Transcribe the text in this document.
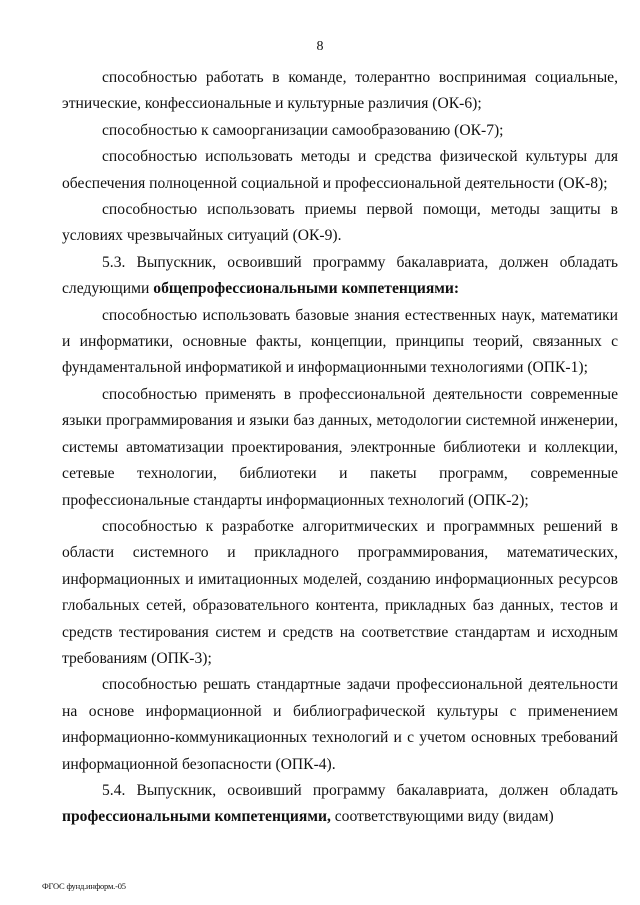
8

способностью работать в команде, толерантно воспринимая социальные, этнические, конфессиональные и культурные различия (ОК-6);

способностью к самоорганизации самообразованию (ОК-7);

способностью использовать методы и средства физической культуры для обеспечения полноценной социальной и профессиональной деятельности (ОК-8);

способностью использовать приемы первой помощи, методы защиты в условиях чрезвычайных ситуаций (ОК-9).

5.3. Выпускник, освоивший программу бакалавриата, должен обладать следующими общепрофессиональными компетенциями:

способностью использовать базовые знания естественных наук, математики и информатики, основные факты, концепции, принципы теорий, связанных с фундаментальной информатикой и информационными технологиями (ОПК-1);

способностью применять в профессиональной деятельности современные языки программирования и языки баз данных, методологии системной инженерии, системы автоматизации проектирования, электронные библиотеки и коллекции, сетевые технологии, библиотеки и пакеты программ, современные профессиональные стандарты информационных технологий (ОПК-2);

способностью к разработке алгоритмических и программных решений в области системного и прикладного программирования, математических, информационных и имитационных моделей, созданию информационных ресурсов глобальных сетей, образовательного контента, прикладных баз данных, тестов и средств тестирования систем и средств на соответствие стандартам и исходным требованиям (ОПК-3);

способностью решать стандартные задачи профессиональной деятельности на основе информационной и библиографической культуры с применением информационно-коммуникационных технологий и с учетом основных требований информационной безопасности (ОПК-4).

5.4. Выпускник, освоивший программу бакалавриата, должен обладать профессиональными компетенциями, соответствующими виду (видам)

ФГОС фунд.информ.-05
